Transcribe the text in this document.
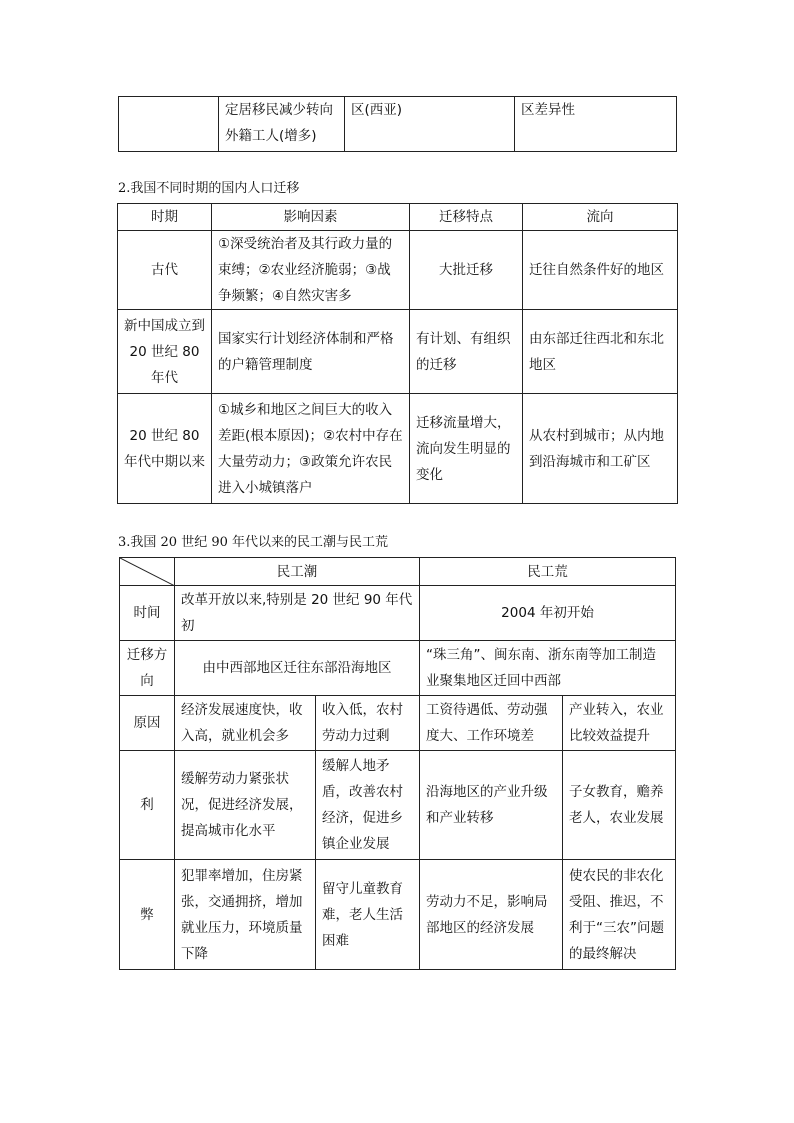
	定居移民减少转向外籍工人(增多)	区(西亚)	区差异性
2.我国不同时期的国内人口迁移
时期	影响因素	迁移特点	流向
古代	①深受统治者及其行政力量的束缚；②农业经济脆弱；③战争频繁；④自然灾害多	大批迁移	迁往自然条件好的地区
新中国成立到 20 世纪 80 年代	国家实行计划经济体制和严格的户籍管理制度	有计划、有组织的迁移	由东部迁往西北和东北地区
20 世纪 80 年代中期以来	①城乡和地区之间巨大的收入差距(根本原因)；②农村中存在大量劳动力；③政策允许农民进入小城镇落户	迁移流量增大，流向发生明显的变化	从农村到城市；从内地到沿海城市和工矿区
3.我国 20 世纪 90 年代以来的民工潮与民工荒
	民工潮		民工荒	
时间	改革开放以来,特别是 20 世纪 90 年代初		2004 年初开始	
迁移方向	由中西部地区迁往东部沿海地区		“珠三角”、闽东南、浙东南等加工制造业聚集地区迁回中西部	
原因	经济发展速度快，收入高，就业机会多	收入低，农村劳动力过剩	工资待遇低、劳动强度大、工作环境差	产业转入，农业比较效益提升
利	缓解劳动力紧张状况，促进经济发展，提高城市化水平	缓解人地矛盾，改善农村经济，促进乡镇企业发展	沿海地区的产业升级和产业转移	子女教育，赡养老人，农业发展
弊	犯罪率增加，住房紧张，交通拥挤，增加就业压力，环境质量下降	留守儿童教育难，老人生活困难	劳动力不足，影响局部地区的经济发展	使农民的非农化受阻、推迟，不利于“三农”问题的最终解决
